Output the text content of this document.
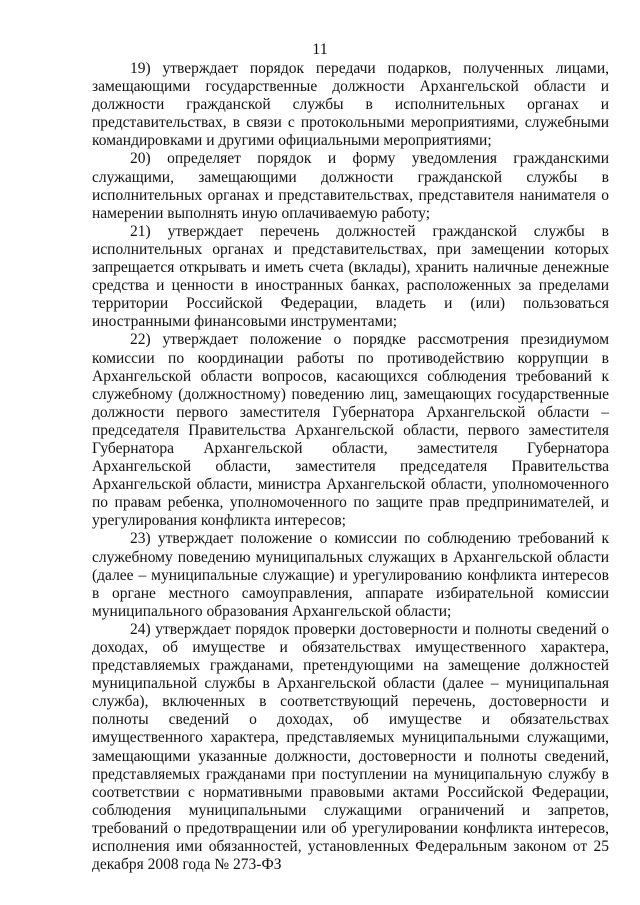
11

19) утверждает порядок передачи подарков, полученных лицами, замещающими государственные должности Архангельской области и должности гражданской службы в исполнительных органах и представительствах, в связи с протокольными мероприятиями, служебными командировками и другими официальными мероприятиями;

20) определяет порядок и форму уведомления гражданскими служащими, замещающими должности гражданской службы в исполнительных органах и представительствах, представителя нанимателя о намерении выполнять иную оплачиваемую работу;

21) утверждает перечень должностей гражданской службы в исполнительных органах и представительствах, при замещении которых запрещается открывать и иметь счета (вклады), хранить наличные денежные средства и ценности в иностранных банках, расположенных за пределами территории Российской Федерации, владеть и (или) пользоваться иностранными финансовыми инструментами;

22) утверждает положение о порядке рассмотрения президиумом комиссии по координации работы по противодействию коррупции в Архангельской области вопросов, касающихся соблюдения требований к служебному (должностному) поведению лиц, замещающих государственные должности первого заместителя Губернатора Архангельской области – председателя Правительства Архангельской области, первого заместителя Губернатора Архангельской области, заместителя Губернатора Архангельской области, заместителя председателя Правительства Архангельской области, министра Архангельской области, уполномоченного по правам ребенка, уполномоченного по защите прав предпринимателей, и урегулирования конфликта интересов;

23) утверждает положение о комиссии по соблюдению требований к служебному поведению муниципальных служащих в Архангельской области (далее – муниципальные служащие) и урегулированию конфликта интересов в органе местного самоуправления, аппарате избирательной комиссии муниципального образования Архангельской области;

24) утверждает порядок проверки достоверности и полноты сведений о доходах, об имуществе и обязательствах имущественного характера, представляемых гражданами, претендующими на замещение должностей муниципальной службы в Архангельской области (далее – муниципальная служба), включенных в соответствующий перечень, достоверности и полноты сведений о доходах, об имуществе и обязательствах имущественного характера, представляемых муниципальными служащими, замещающими указанные должности, достоверности и полноты сведений, представляемых гражданами при поступлении на муниципальную службу в соответствии с нормативными правовыми актами Российской Федерации, соблюдения муниципальными служащими ограничений и запретов, требований о предотвращении или об урегулировании конфликта интересов, исполнения ими обязанностей, установленных Федеральным законом от 25 декабря 2008 года № 273-ФЗ
